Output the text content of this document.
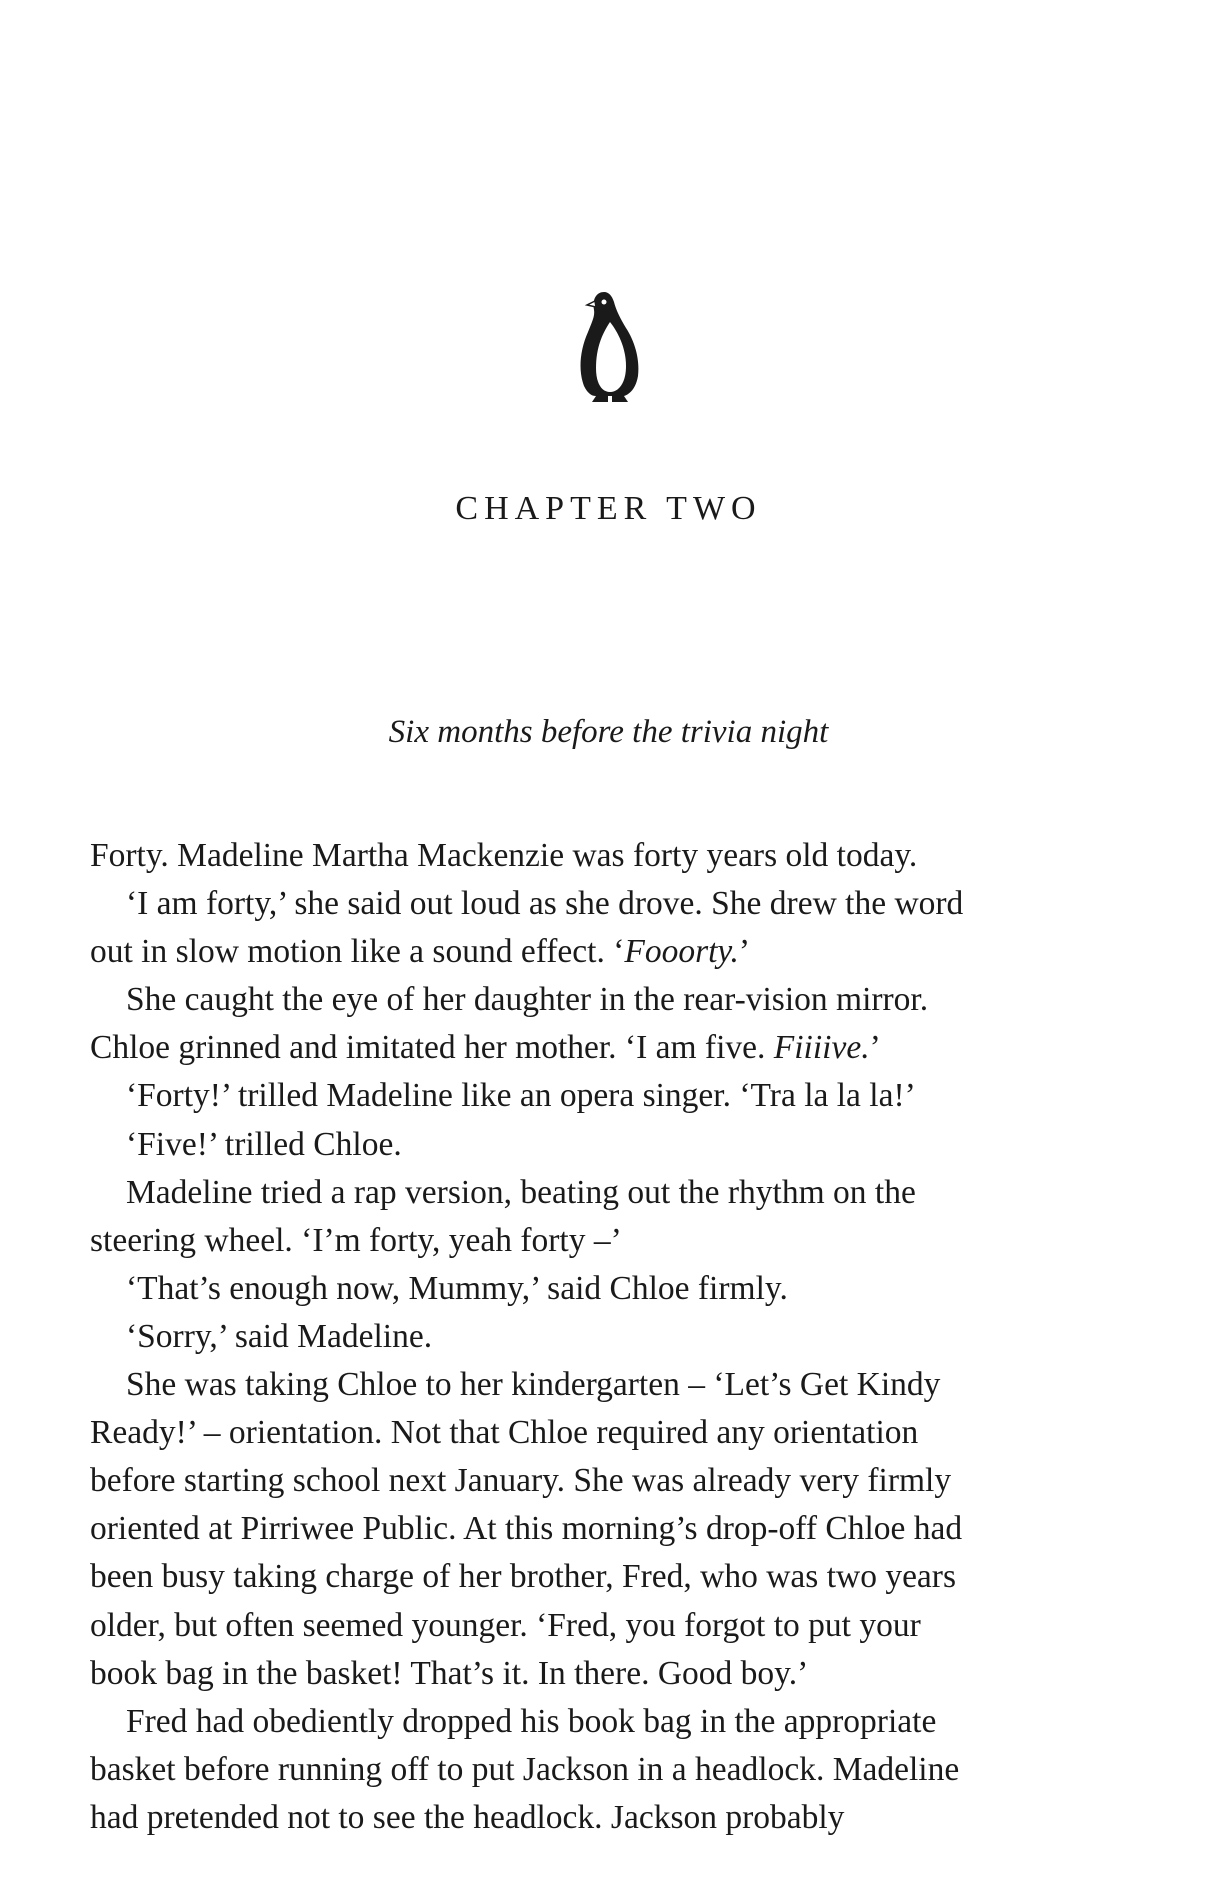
CHAPTER TWO
Six months before the trivia night
Forty. Madeline Martha Mackenzie was forty years old today.
‘I am forty,’ she said out loud as she drove. She drew the word
out in slow motion like a sound effect. ‘Fooorty.’
She caught the eye of her daughter in the rear-vision mirror.
Chloe grinned and imitated her mother. ‘I am five. Fiiiive.’
‘Forty!’ trilled Madeline like an opera singer. ‘Tra la la la!’
‘Five!’ trilled Chloe.
Madeline tried a rap version, beating out the rhythm on the
steering wheel. ‘I’m forty, yeah forty –’
‘That’s enough now, Mummy,’ said Chloe firmly.
‘Sorry,’ said Madeline.
She was taking Chloe to her kindergarten – ‘Let’s Get Kindy
Ready!’ – orientation. Not that Chloe required any orientation
before starting school next January. She was already very firmly
oriented at Pirriwee Public. At this morning’s drop-off Chloe had
been busy taking charge of her brother, Fred, who was two years
older, but often seemed younger. ‘Fred, you forgot to put your
book bag in the basket! That’s it. In there. Good boy.’
Fred had obediently dropped his book bag in the appropriate
basket before running off to put Jackson in a headlock. Madeline
had pretended not to see the headlock. Jackson probably
